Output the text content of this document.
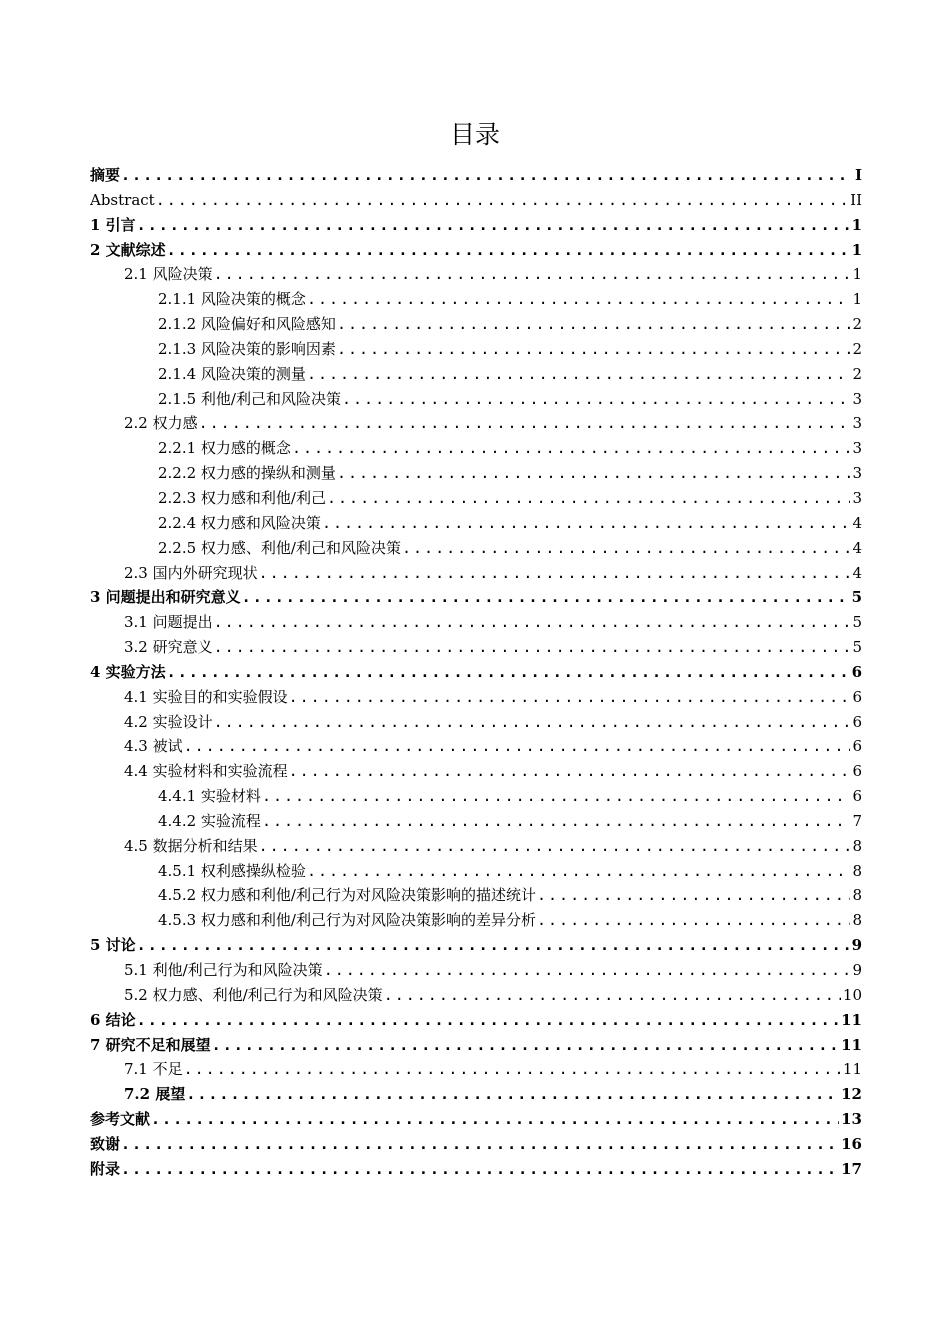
目录
摘要 .....	I
Abstract .....	II
1 引言 .....	1
2 文献综述 .....	1
2.1 风险决策 .....	1
2.1.1 风险决策的概念 .....	1
2.1.2 风险偏好和风险感知 .....	2
2.1.3 风险决策的影响因素 .....	2
2.1.4 风险决策的测量 .....	2
2.1.5 利他/利己和风险决策 .....	3
2.2 权力感 .....	3
2.2.1 权力感的概念 .....	3
2.2.2 权力感的操纵和测量 .....	3
2.2.3 权力感和利他/利己 .....	3
2.2.4 权力感和风险决策 .....	4
2.2.5 权力感、利他/利己和风险决策 .....	4
2.3 国内外研究现状 .....	4
3 问题提出和研究意义 .....	5
3.1 问题提出 .....	5
3.2 研究意义 .....	5
4 实验方法 .....	6
4.1 实验目的和实验假设 .....	6
4.2 实验设计 .....	6
4.3 被试 .....	6
4.4 实验材料和实验流程 .....	6
4.4.1 实验材料 .....	6
4.4.2 实验流程 .....	7
4.5 数据分析和结果 .....	8
4.5.1 权利感操纵检验 .....	8
4.5.2 权力感和利他/利己行为对风险决策影响的描述统计 .....	8
4.5.3 权力感和利他/利己行为对风险决策影响的差异分析 .....	8
5 讨论 .....	9
5.1 利他/利己行为和风险决策 .....	9
5.2 权力感、利他/利己行为和风险决策 .....	10
6 结论 .....	11
7 研究不足和展望 .....	11
7.1 不足 .....	11
7.2 展望 .....	12
参考文献 .....	13
致谢 .....	16
附录 .....	17
